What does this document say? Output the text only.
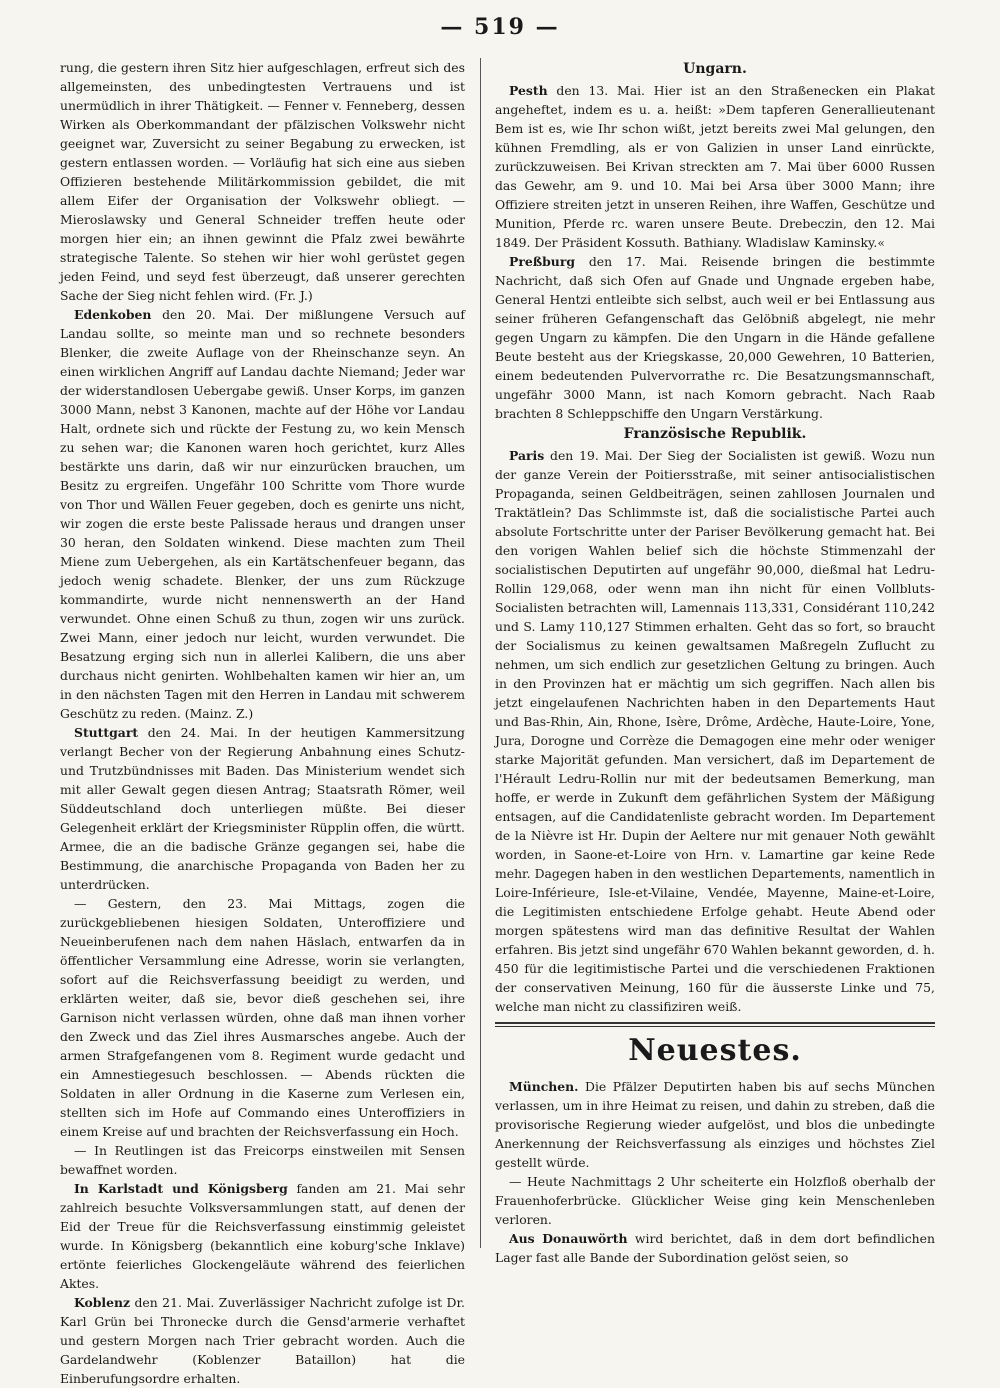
— 519 —

rung, die gestern ihren Sitz hier aufgeschlagen, erfreut sich des allgemeinsten, des unbedingtesten Vertrauens und ist unermüdlich in ihrer Thätigkeit. — Fenner v. Fenneberg, dessen Wirken als Oberkommandant der pfälzischen Volkswehr nicht geeignet war, Zuversicht zu seiner Begabung zu erwecken, ist gestern entlassen worden. — Vorläufig hat sich eine aus sieben Offizieren bestehende Militärkommission gebildet, die mit allem Eifer der Organisation der Volkswehr obliegt. — Mieroslawsky und General Schneider treffen heute oder morgen hier ein; an ihnen gewinnt die Pfalz zwei bewährte strategische Talente. So stehen wir hier wohl gerüstet gegen jeden Feind, und seyd fest überzeugt, daß unserer gerechten Sache der Sieg nicht fehlen wird. (Fr. J.)

Edenkoben den 20. Mai. Der mißlungene Versuch auf Landau sollte, so meinte man und so rechnete besonders Blenker, die zweite Auflage von der Rheinschanze seyn. An einen wirklichen Angriff auf Landau dachte Niemand; Jeder war der widerstandlosen Uebergabe gewiß. Unser Korps, im ganzen 3000 Mann, nebst 3 Kanonen, machte auf der Höhe vor Landau Halt, ordnete sich und rückte der Festung zu, wo kein Mensch zu sehen war; die Kanonen waren hoch gerichtet, kurz Alles bestärkte uns darin, daß wir nur einzurücken brauchen, um Besitz zu ergreifen. Ungefähr 100 Schritte vom Thore wurde von Thor und Wällen Feuer gegeben, doch es genirte uns nicht, wir zogen die erste beste Palissade heraus und drangen unser 30 heran, den Soldaten winkend. Diese machten zum Theil Miene zum Uebergehen, als ein Kartätschenfeuer begann, das jedoch wenig schadete. Blenker, der uns zum Rückzuge kommandirte, wurde nicht nennenswerth an der Hand verwundet. Ohne einen Schuß zu thun, zogen wir uns zurück. Zwei Mann, einer jedoch nur leicht, wurden verwundet. Die Besatzung erging sich nun in allerlei Kalibern, die uns aber durchaus nicht genirten. Wohlbehalten kamen wir hier an, um in den nächsten Tagen mit den Herren in Landau mit schwerem Geschütz zu reden. (Mainz. Z.)

Stuttgart den 24. Mai. In der heutigen Kammersitzung verlangt Becher von der Regierung Anbahnung eines Schutz- und Trutzbündnisses mit Baden. Das Ministerium wendet sich mit aller Gewalt gegen diesen Antrag; Staatsrath Römer, weil Süddeutschland doch unterliegen müßte. Bei dieser Gelegenheit erklärt der Kriegsminister Rüpplin offen, die württ. Armee, die an die badische Gränze gegangen sei, habe die Bestimmung, die anarchische Propaganda von Baden her zu unterdrücken.

— Gestern, den 23. Mai Mittags, zogen die zurückgebliebenen hiesigen Soldaten, Unteroffiziere und Neueinberufenen nach dem nahen Häslach, entwarfen da in öffentlicher Versammlung eine Adresse, worin sie verlangten, sofort auf die Reichsverfassung beeidigt zu werden, und erklärten weiter, daß sie, bevor dieß geschehen sei, ihre Garnison nicht verlassen würden, ohne daß man ihnen vorher den Zweck und das Ziel ihres Ausmarsches angebe. Auch der armen Strafgefangenen vom 8. Regiment wurde gedacht und ein Amnestiegesuch beschlossen. — Abends rückten die Soldaten in aller Ordnung in die Kaserne zum Verlesen ein, stellten sich im Hofe auf Commando eines Unteroffiziers in einem Kreise auf und brachten der Reichsverfassung ein Hoch.

— In Reutlingen ist das Freicorps einstweilen mit Sensen bewaffnet worden.

In Karlstadt und Königsberg fanden am 21. Mai sehr zahlreich besuchte Volksversammlungen statt, auf denen der Eid der Treue für die Reichsverfassung einstimmig geleistet wurde. In Königsberg (bekanntlich eine koburg'sche Inklave) ertönte feierliches Glockengeläute während des feierlichen Aktes.

Koblenz den 21. Mai. Zuverlässiger Nachricht zufolge ist Dr. Karl Grün bei Thronecke durch die Gensd'armerie verhaftet und gestern Morgen nach Trier gebracht worden. Auch die Gardelandwehr (Koblenzer Bataillon) hat die Einberufungsordre erhalten.

Ungarn.

Pesth den 13. Mai. Hier ist an den Straßenecken ein Plakat angeheftet, indem es u. a. heißt: »Dem tapferen Generallieutenant Bem ist es, wie Ihr schon wißt, jetzt bereits zwei Mal gelungen, den kühnen Fremdling, als er von Galizien in unser Land einrückte, zurückzuweisen. Bei Krivan streckten am 7. Mai über 6000 Russen das Gewehr, am 9. und 10. Mai bei Arsa über 3000 Mann; ihre Offiziere streiten jetzt in unseren Reihen, ihre Waffen, Geschütze und Munition, Pferde rc. waren unsere Beute. Drebeczin, den 12. Mai 1849. Der Präsident Kossuth. Bathiany. Wladislaw Kaminsky.«

Preßburg den 17. Mai. Reisende bringen die bestimmte Nachricht, daß sich Ofen auf Gnade und Ungnade ergeben habe, General Hentzi entleibte sich selbst, auch weil er bei Entlassung aus seiner früheren Gefangenschaft das Gelöbniß abgelegt, nie mehr gegen Ungarn zu kämpfen. Die den Ungarn in die Hände gefallene Beute besteht aus der Kriegskasse, 20,000 Gewehren, 10 Batterien, einem bedeutenden Pulvervorrathe rc. Die Besatzungsmannschaft, ungefähr 3000 Mann, ist nach Komorn gebracht. Nach Raab brachten 8 Schleppschiffe den Ungarn Verstärkung.

Französische Republik.

Paris den 19. Mai. Der Sieg der Socialisten ist gewiß. Wozu nun der ganze Verein der Poitiersstraße, mit seiner antisocialistischen Propaganda, seinen Geldbeiträgen, seinen zahllosen Journalen und Traktätlein? Das Schlimmste ist, daß die socialistische Partei auch absolute Fortschritte unter der Pariser Bevölkerung gemacht hat. Bei den vorigen Wahlen belief sich die höchste Stimmenzahl der socialistischen Deputirten auf ungefähr 90,000, dießmal hat Ledru-Rollin 129,068, oder wenn man ihn nicht für einen Vollbluts-Socialisten betrachten will, Lamennais 113,331, Considérant 110,242 und S. Lamy 110,127 Stimmen erhalten. Geht das so fort, so braucht der Socialismus zu keinen gewaltsamen Maßregeln Zuflucht zu nehmen, um sich endlich zur gesetzlichen Geltung zu bringen. Auch in den Provinzen hat er mächtig um sich gegriffen. Nach allen bis jetzt eingelaufenen Nachrichten haben in den Departements Haut und Bas-Rhin, Ain, Rhone, Isère, Drôme, Ardèche, Haute-Loire, Yone, Jura, Dorogne und Corrèze die Demagogen eine mehr oder weniger starke Majorität gefunden. Man versichert, daß im Departement de l'Hérault Ledru-Rollin nur mit der bedeutsamen Bemerkung, man hoffe, er werde in Zukunft dem gefährlichen System der Mäßigung entsagen, auf die Candidatenliste gebracht worden. Im Departement de la Nièvre ist Hr. Dupin der Aeltere nur mit genauer Noth gewählt worden, in Saone-et-Loire von Hrn. v. Lamartine gar keine Rede mehr. Dagegen haben in den westlichen Departements, namentlich in Loire-Inférieure, Isle-et-Vilaine, Vendée, Mayenne, Maine-et-Loire, die Legitimisten entschiedene Erfolge gehabt. Heute Abend oder morgen spätestens wird man das definitive Resultat der Wahlen erfahren. Bis jetzt sind ungefähr 670 Wahlen bekannt geworden, d. h. 450 für die legitimistische Partei und die verschiedenen Fraktionen der conservativen Meinung, 160 für die äusserste Linke und 75, welche man nicht zu classifiziren weiß.

Neuestes.

München. Die Pfälzer Deputirten haben bis auf sechs München verlassen, um in ihre Heimat zu reisen, und dahin zu streben, daß die provisorische Regierung wieder aufgelöst, und blos die unbedingte Anerkennung der Reichsverfassung als einziges und höchstes Ziel gestellt würde.

— Heute Nachmittags 2 Uhr scheiterte ein Holzfloß oberhalb der Frauenhoferbrücke. Glücklicher Weise ging kein Menschenleben verloren.

Aus Donauwörth wird berichtet, daß in dem dort befindlichen Lager fast alle Bande der Subordination gelöst seien, so
